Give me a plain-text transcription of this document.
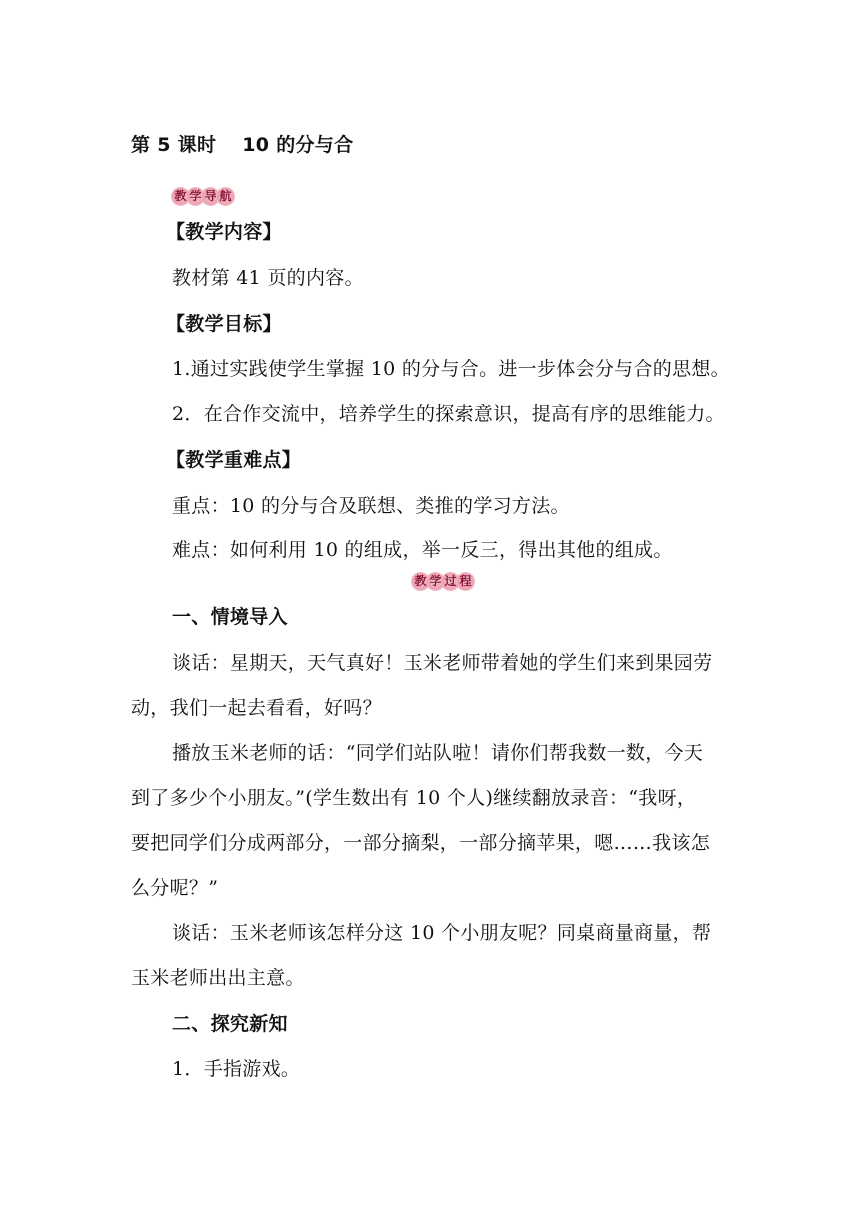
第 5 课时 10 的分与合
教 学 导 航
【教学内容】
教材第 41 页的内容。
【教学目标】
1.通过实践使学生掌握 10 的分与合。进一步体会分与合的思想。
2．在合作交流中，培养学生的探索意识，提高有序的思维能力。
【教学重难点】
重点：10 的分与合及联想、类推的学习方法。
难点：如何利用 10 的组成，举一反三，得出其他的组成。
教 学 过 程
一、情境导入
谈话：星期天，天气真好！玉米老师带着她的学生们来到果园劳
动，我们一起去看看，好吗？
播放玉米老师的话：“同学们站队啦！请你们帮我数一数，今天
到了多少个小朋友。”(学生数出有 10 个人)继续翻放录音：“我呀，
要把同学们分成两部分，一部分摘梨，一部分摘苹果，嗯……我该怎
么分呢？”
谈话：玉米老师该怎样分这 10 个小朋友呢？同桌商量商量，帮
玉米老师出出主意。
二、探究新知
1．手指游戏。
